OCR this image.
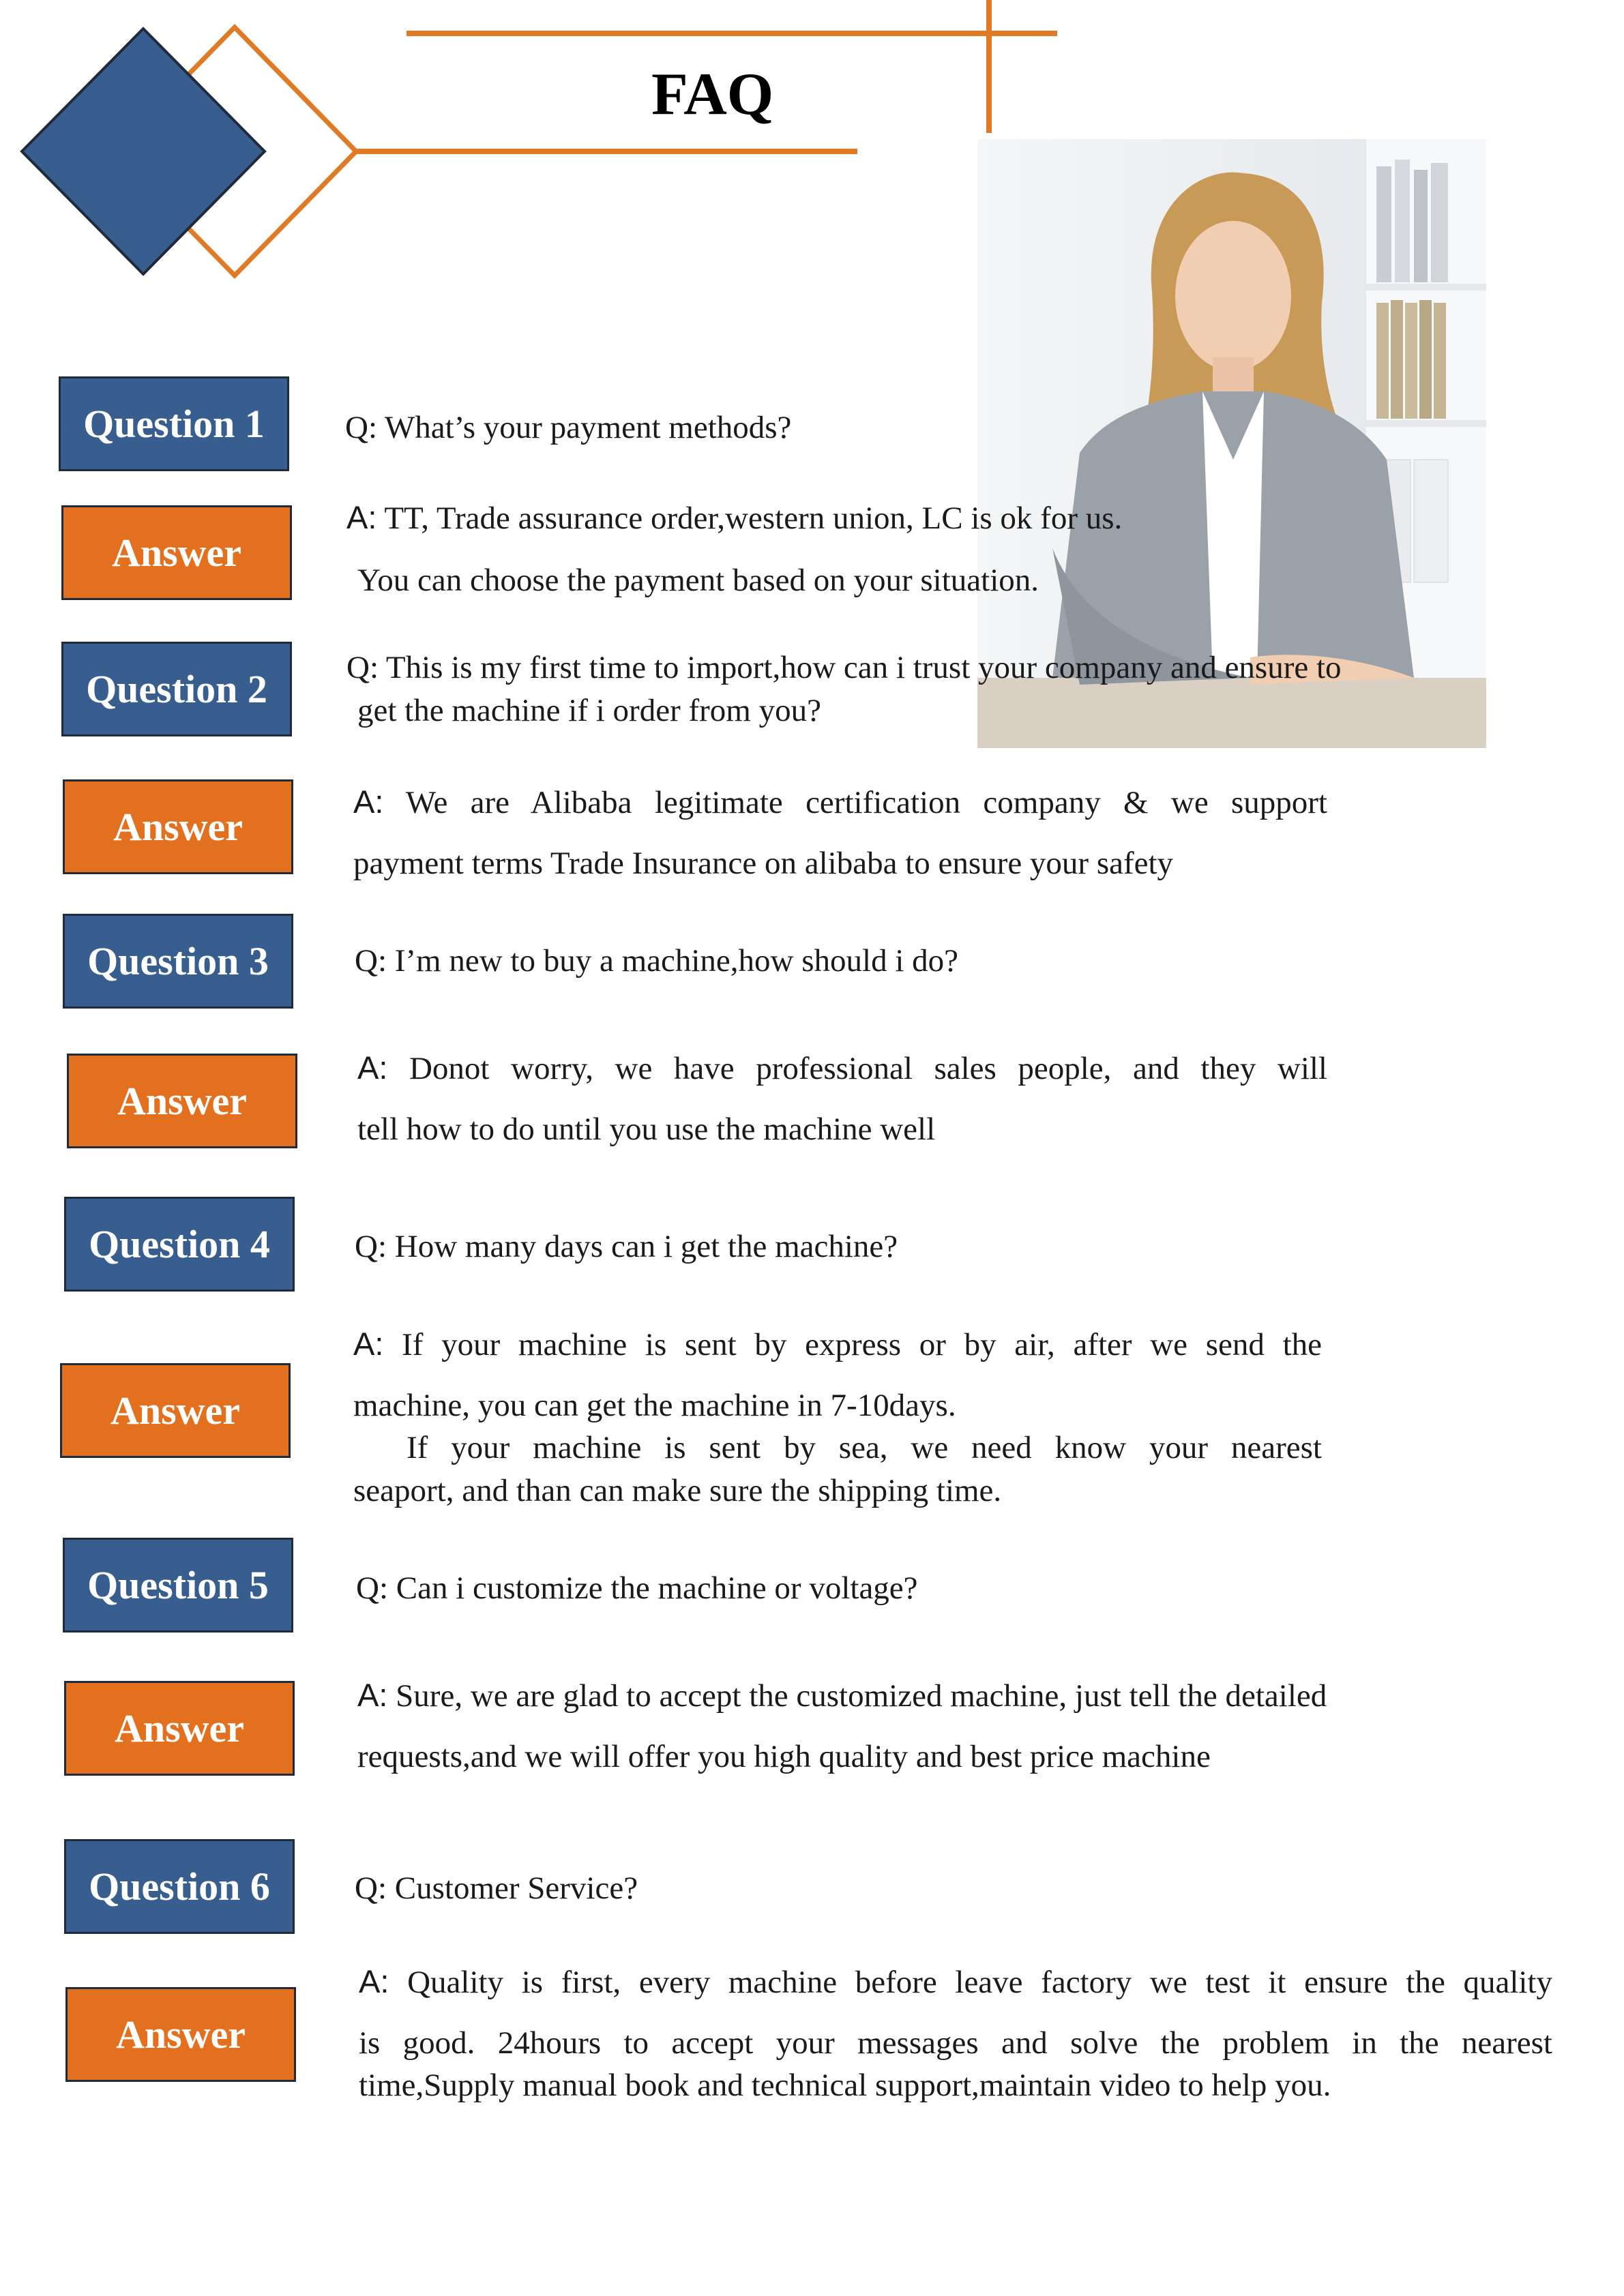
FAQ
Question 1	Q: What’s your payment methods?
Answer
A: TT, Trade assurance order,western union, LC is ok for us.
You can choose the payment based on your situation.
Question 2	Q: This is my first time to import,how can i trust your company and ensure to
get the machine if i order from you?
Answer
A: We are Alibaba legitimate certification company & we support
payment terms Trade Insurance on alibaba to ensure your safety
Question 3	Q: I’m new to buy a machine,how should i do?
Answer
A: Donot worry, we have professional sales people, and they will
tell how to do until you use the machine well
Question 4	Q: How many days can i get the machine?
Answer
A: If your machine is sent by express or by air, after we send the
machine, you can get the machine in 7-10days.
If your machine is sent by sea, we need know your nearest
seaport, and than can make sure the shipping time.
Question 5	Q: Can i customize the machine or voltage?
Answer
A: Sure, we are glad to accept the customized machine, just tell the detailed
requests,and we will offer you high quality and best price machine
Question 6	Q: Customer Service?
Answer
A: Quality is first, every machine before leave factory we test it ensure the quality
is good. 24hours to accept your messages and solve the problem in the nearest
time,Supply manual book and technical support,maintain video to help you.
